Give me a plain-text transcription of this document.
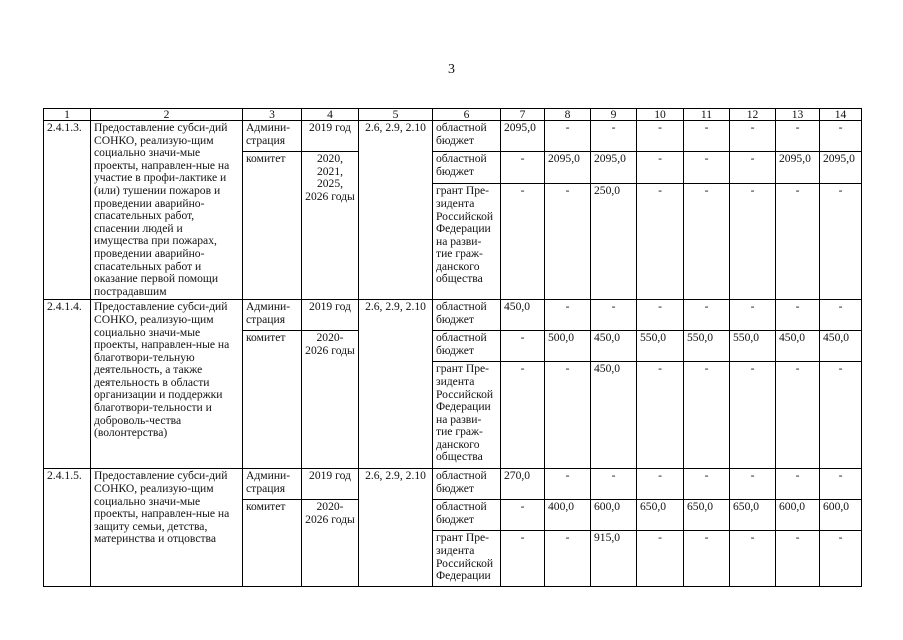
3
1	2	3	4	5	6	7	8	9	10	11	12	13	14
2.4.1.3.	Предоставление субси-дий СОНКО, реализую-щим социально значи-мые проекты, направлен-ные на участие в профи-лактике и (или) тушении пожаров и проведении аварийно-спасательных работ, спасении людей и имущества при пожарах, проведении аварийно-спасательных работ и оказание первой помощи пострадавшим	Админи-страция	2019 год	2.6, 2.9, 2.10	областной бюджет	2095,0	-	-	-	-	-	-	-
		комитет	2020, 2021, 2025, 2026 годы		областной бюджет	-	2095,0	2095,0	-	-	-	2095,0	2095,0
					грант Пре-зидента Российской Федерации на разви-тие граж-данского общества	-	-	250,0	-	-	-	-	-
2.4.1.4.	Предоставление субси-дий СОНКО, реализую-щим социально значи-мые проекты, направлен-ные на благотвори-тельную деятельность, а также деятельность в области организации и поддержки благотвори-тельности и доброволь-чества (волонтерства)	Админи-страция	2019 год	2.6, 2.9, 2.10	областной бюджет	450,0	-	-	-	-	-	-	-
		комитет	2020-2026 годы		областной бюджет	-	500,0	450,0	550,0	550,0	550,0	450,0	450,0
					грант Пре-зидента Российской Федерации на разви-тие граж-данского общества	-	-	450,0	-	-	-	-	-
2.4.1.5.	Предоставление субси-дий СОНКО, реализую-щим социально значи-мые проекты, направлен-ные на защиту семьи, детства, материнства и отцовства	Админи-страция	2019 год	2.6, 2.9, 2.10	областной бюджет	270,0	-	-	-	-	-	-	-
		комитет	2020-2026 годы		областной бюджет	-	400,0	600,0	650,0	650,0	650,0	600,0	600,0
					грант Пре-зидента Российской Федерации	-	-	915,0	-	-	-	-	-
